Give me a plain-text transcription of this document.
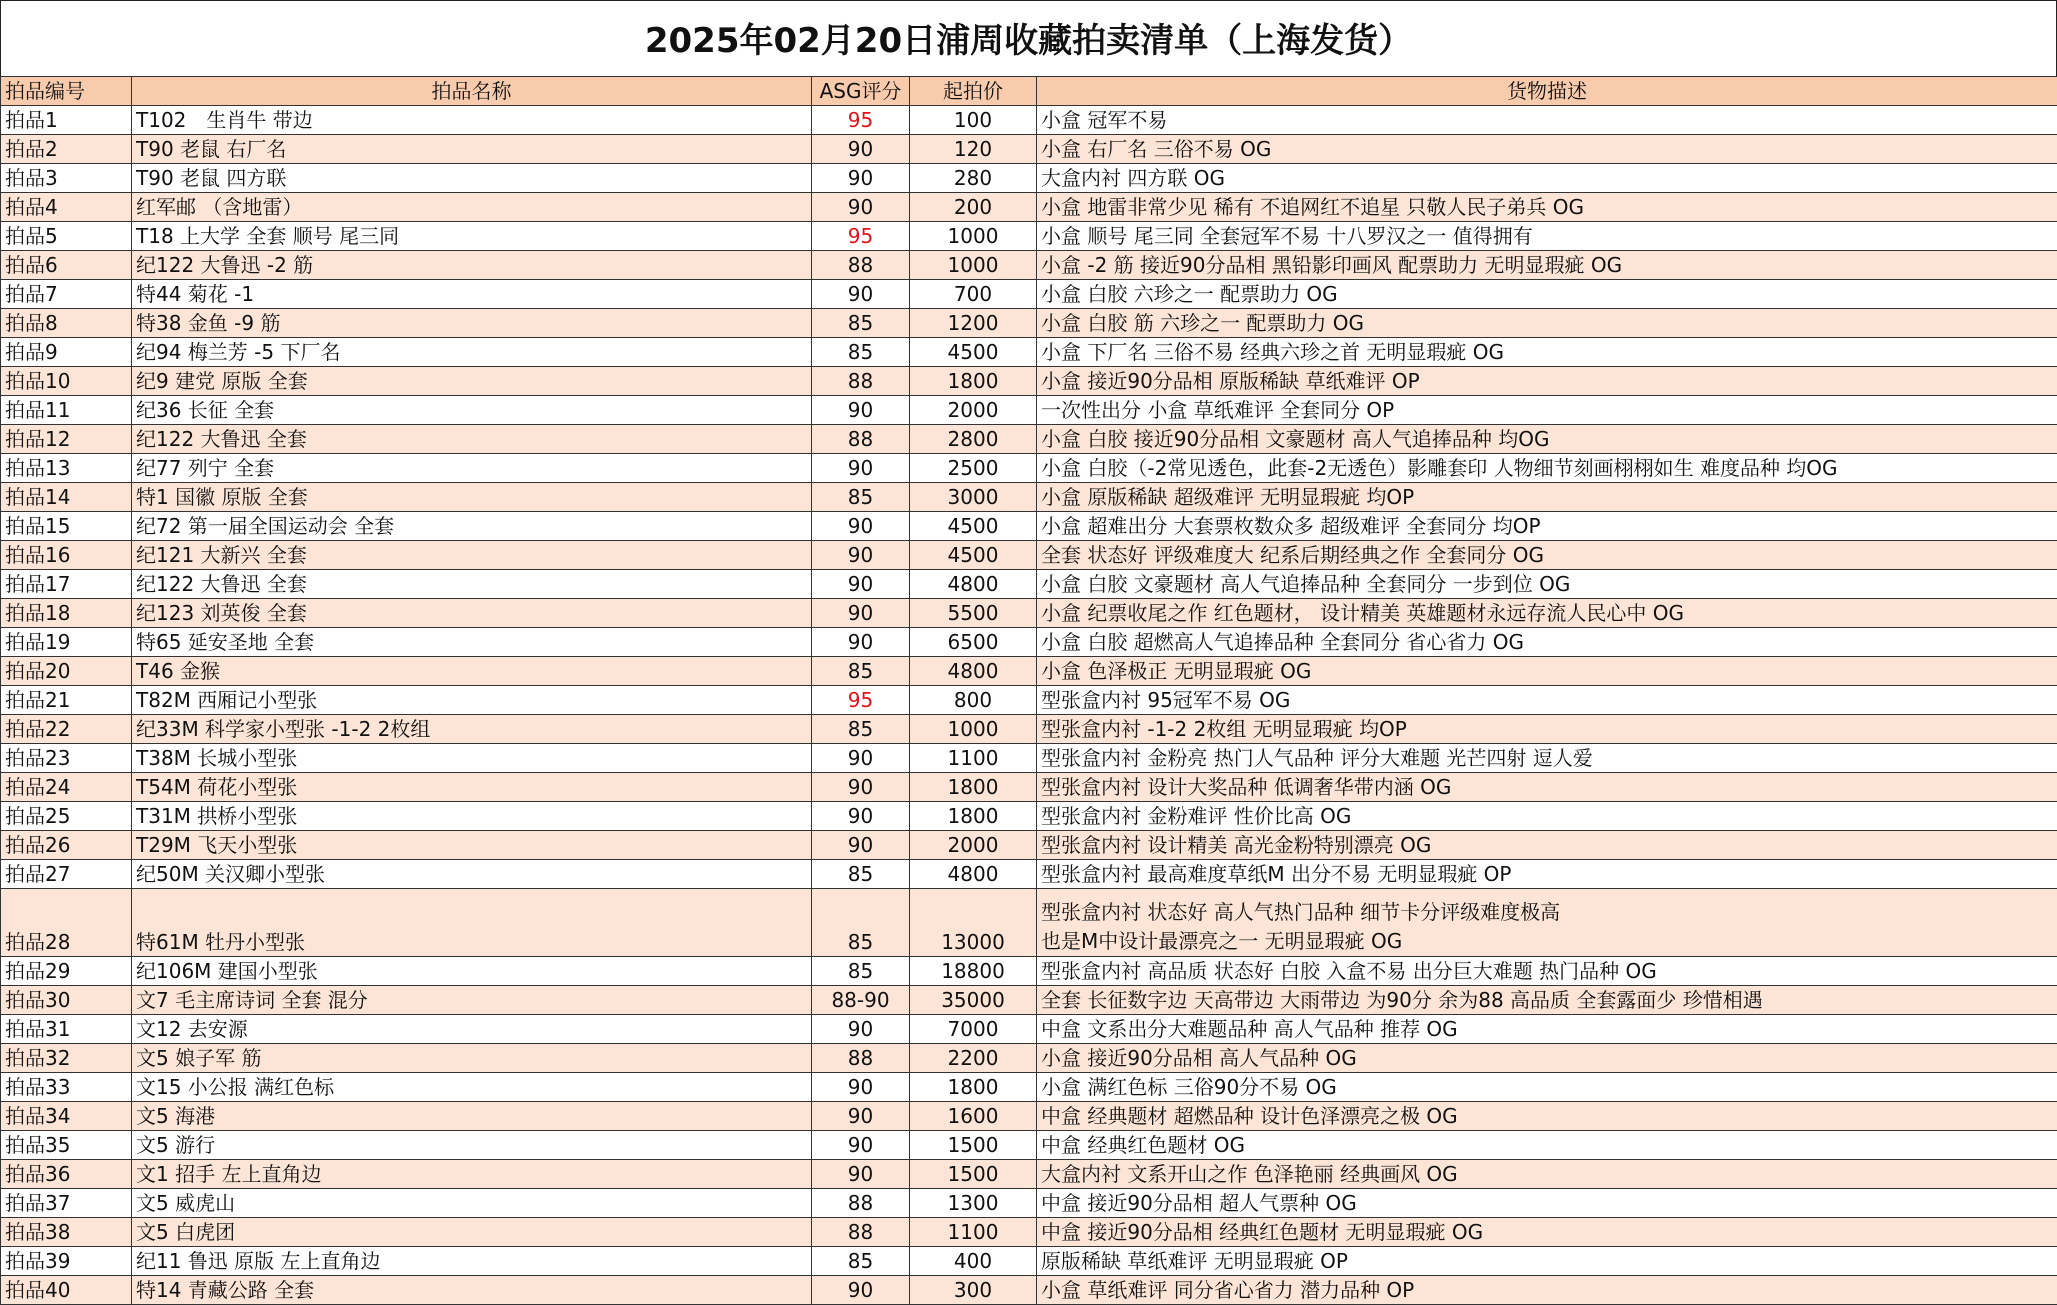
2025年02月20日浦周收藏拍卖清单（上海发货）
拍品编号	拍品名称	ASG评分	起拍价	货物描述
拍品1	T102　生肖牛 带边	95	100	小盒 冠军不易

拍品2	T90 老鼠 右厂名	90	120	小盒 右厂名 三俗不易 OG

拍品3	T90 老鼠 四方联	90	280	大盒内衬 四方联 OG

拍品4	红军邮 （含地雷）	90	200	小盒 地雷非常少见 稀有 不追网红不追星 只敬人民子弟兵 OG

拍品5	T18 上大学 全套 顺号 尾三同	95	1000	小盒 顺号 尾三同 全套冠军不易 十八罗汉之一 值得拥有

拍品6	纪122 大鲁迅 -2 筋	88	1000	小盒 -2 筋 接近90分品相 黑铅影印画风 配票助力 无明显瑕疵 OG

拍品7	特44 菊花 -1	90	700	小盒 白胶 六珍之一 配票助力 OG

拍品8	特38 金鱼 -9 筋	85	1200	小盒 白胶 筋 六珍之一 配票助力 OG

拍品9	纪94 梅兰芳 -5 下厂名	85	4500	小盒 下厂名 三俗不易 经典六珍之首 无明显瑕疵 OG

拍品10	纪9 建党 原版 全套	88	1800	小盒 接近90分品相 原版稀缺 草纸难评 OP

拍品11	纪36 长征 全套	90	2000	一次性出分 小盒 草纸难评 全套同分 OP

拍品12	纪122 大鲁迅 全套	88	2800	小盒 白胶 接近90分品相 文豪题材 高人气追捧品种 均OG

拍品13	纪77 列宁 全套	90	2500	小盒 白胶（-2常见透色，此套-2无透色）影雕套印 人物细节刻画栩栩如生 难度品种 均OG

拍品14	特1 国徽 原版 全套	85	3000	小盒 原版稀缺 超级难评 无明显瑕疵 均OP

拍品15	纪72 第一届全国运动会 全套	90	4500	小盒 超难出分 大套票枚数众多 超级难评 全套同分 均OP

拍品16	纪121 大新兴 全套	90	4500	全套 状态好 评级难度大 纪系后期经典之作 全套同分 OG

拍品17	纪122 大鲁迅 全套	90	4800	小盒 白胶 文豪题材 高人气追捧品种 全套同分 一步到位 OG

拍品18	纪123 刘英俊 全套	90	5500	小盒 纪票收尾之作 红色题材， 设计精美 英雄题材永远存流人民心中 OG

拍品19	特65 延安圣地 全套	90	6500	小盒 白胶 超燃高人气追捧品种 全套同分 省心省力 OG

拍品20	T46 金猴	85	4800	小盒 色泽极正 无明显瑕疵 OG

拍品21	T82M 西厢记小型张	95	800	型张盒内衬 95冠军不易 OG

拍品22	纪33M 科学家小型张 -1-2 2枚组	85	1000	型张盒内衬 -1-2 2枚组 无明显瑕疵 均OP

拍品23	T38M 长城小型张	90	1100	型张盒内衬 金粉亮 热门人气品种 评分大难题 光芒四射 逗人爱

拍品24	T54M 荷花小型张	90	1800	型张盒内衬 设计大奖品种 低调奢华带内涵 OG

拍品25	T31M 拱桥小型张	90	1800	型张盒内衬 金粉难评 性价比高 OG

拍品26	T29M 飞天小型张	90	2000	型张盒内衬 设计精美 高光金粉特别漂亮 OG

拍品27	纪50M 关汉卿小型张	85	4800	型张盒内衬 最高难度草纸M 出分不易 无明显瑕疵 OP

拍品28	特61M 牡丹小型张	85	13000	型张盒内衬 状态好 高人气热门品种 细节卡分评级难度极高
也是M中设计最漂亮之一 无明显瑕疵 OG

拍品29	纪106M 建国小型张	85	18800	型张盒内衬 高品质 状态好 白胶 入盒不易 出分巨大难题 热门品种 OG

拍品30	文7 毛主席诗词 全套 混分	88-90	35000	全套 长征数字边 天高带边 大雨带边 为90分 余为88 高品质 全套露面少 珍惜相遇

拍品31	文12 去安源	90	7000	中盒 文系出分大难题品种 高人气品种 推荐 OG

拍品32	文5 娘子军 筋	88	2200	小盒 接近90分品相 高人气品种 OG

拍品33	文15 小公报 满红色标	90	1800	小盒 满红色标 三俗90分不易 OG

拍品34	文5 海港	90	1600	中盒 经典题材 超燃品种 设计色泽漂亮之极 OG

拍品35	文5 游行	90	1500	中盒 经典红色题材 OG

拍品36	文1 招手 左上直角边	90	1500	大盒内衬 文系开山之作 色泽艳丽 经典画风 OG

拍品37	文5 威虎山	88	1300	中盒 接近90分品相 超人气票种 OG

拍品38	文5 白虎团	88	1100	中盒 接近90分品相 经典红色题材 无明显瑕疵 OG

拍品39	纪11 鲁迅 原版 左上直角边	85	400	原版稀缺 草纸难评 无明显瑕疵 OP

拍品40	特14 青藏公路 全套	90	300	小盒 草纸难评 同分省心省力 潜力品种 OP
